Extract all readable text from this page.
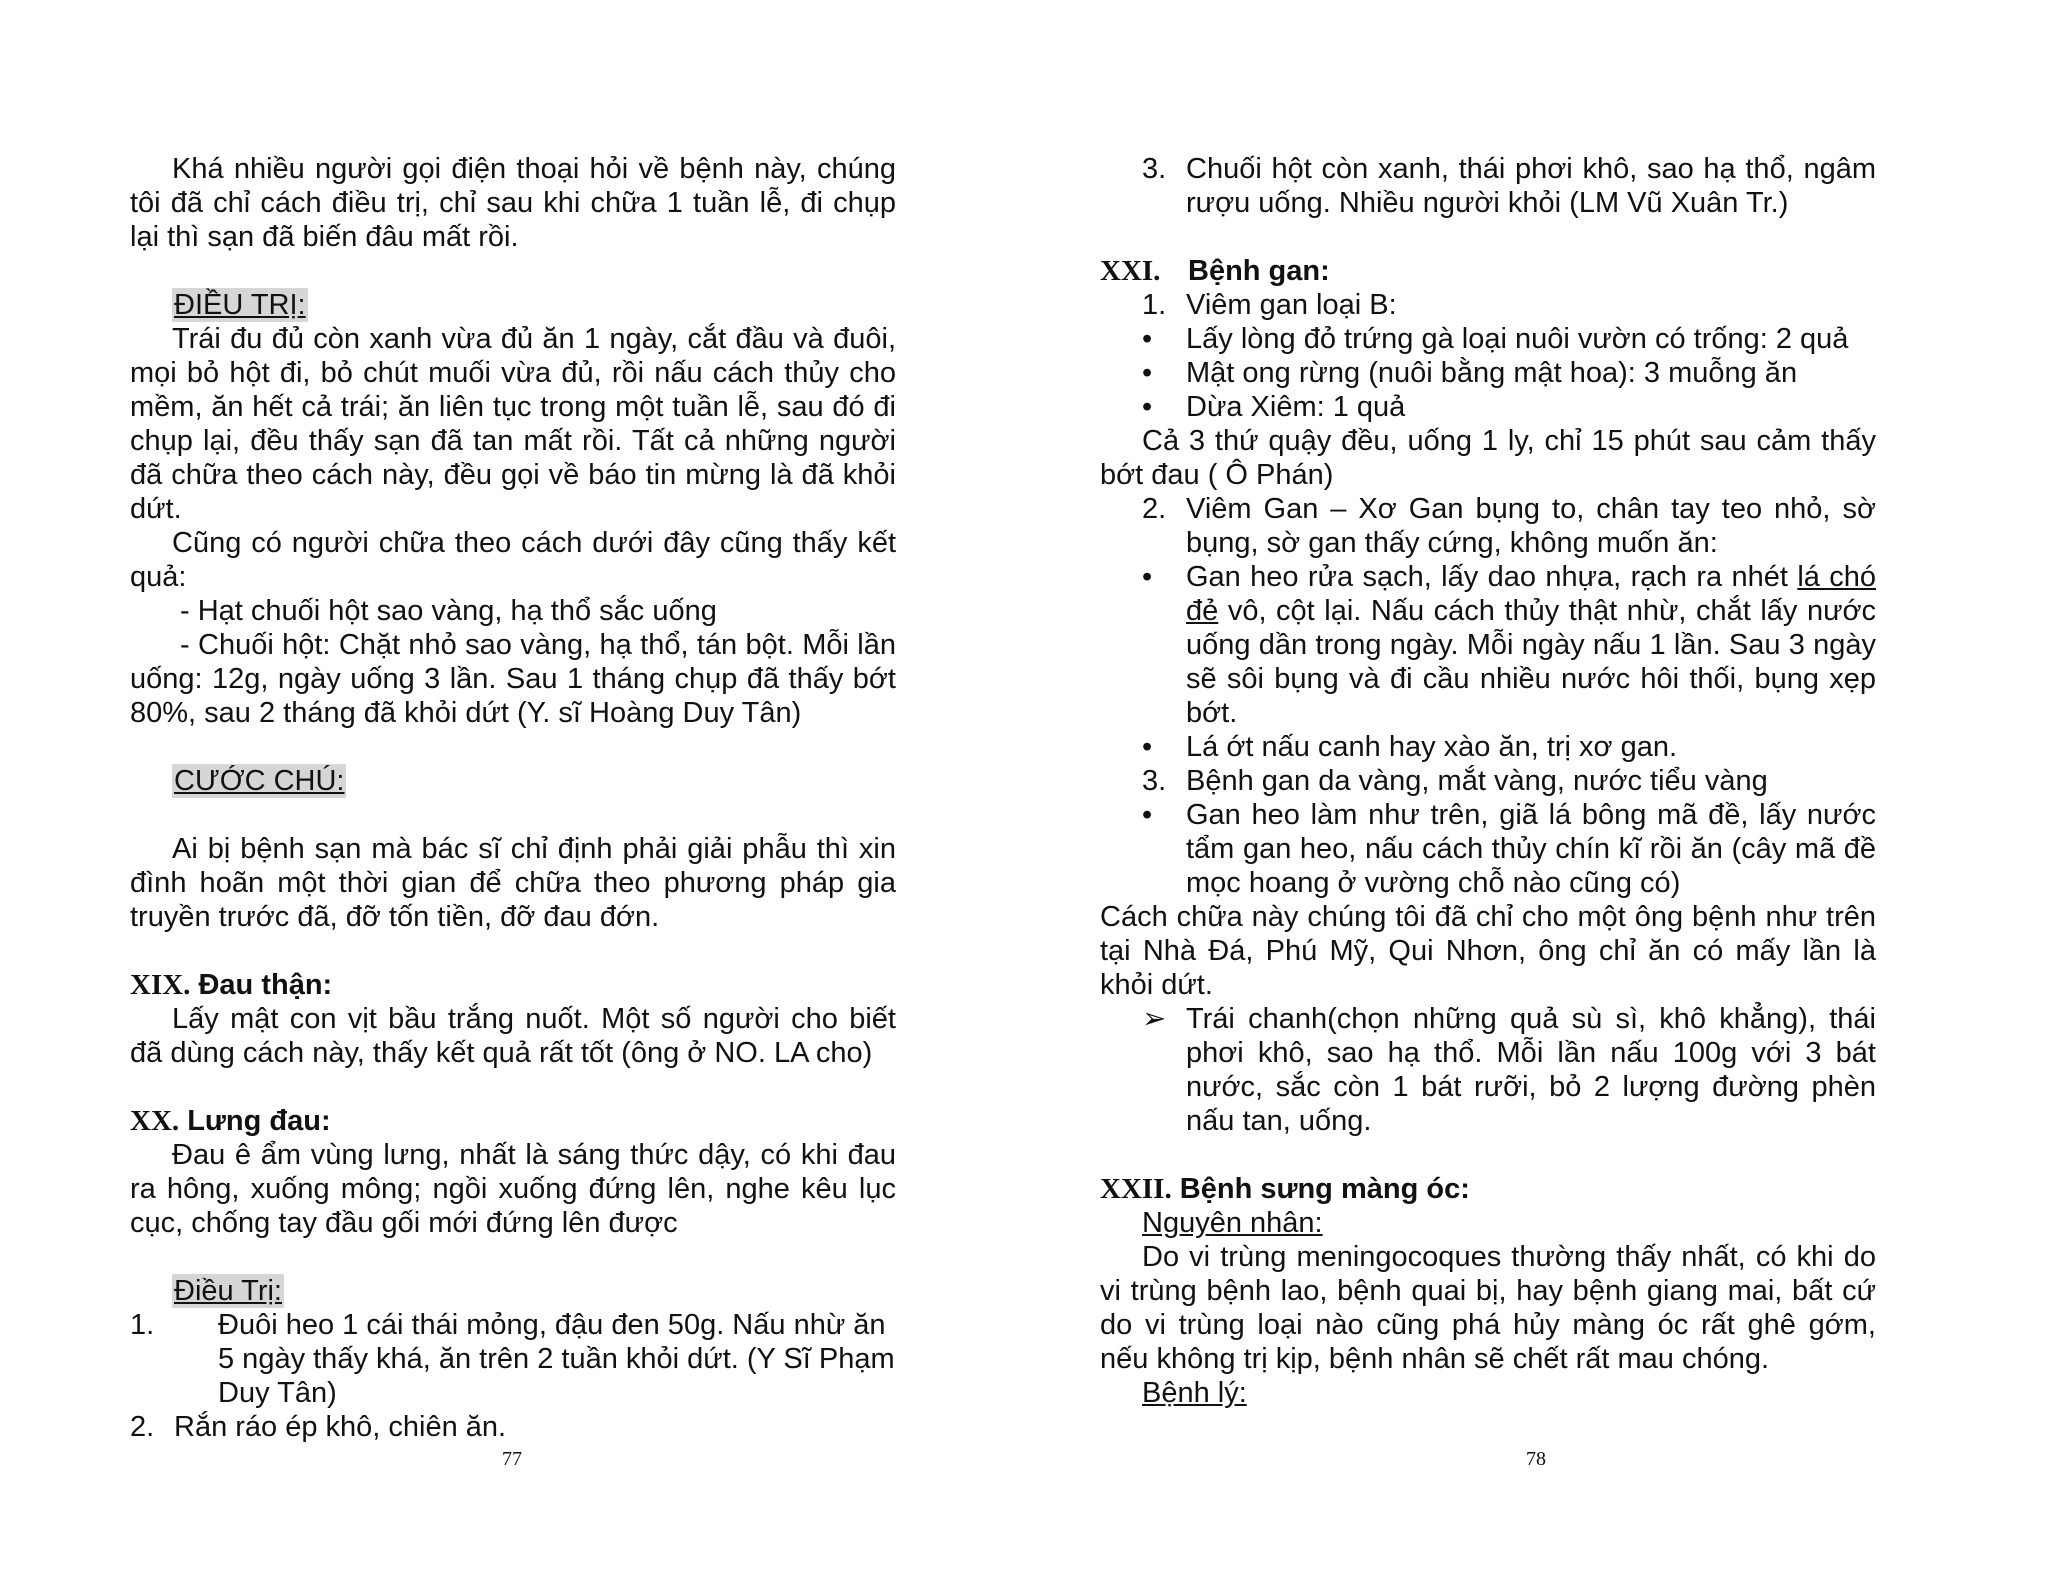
Khá nhiều người gọi điện thoại hỏi về bệnh này, chúng tôi đã chỉ cách điều trị, chỉ sau khi chữa 1 tuần lễ, đi chụp lại thì sạn đã biến đâu mất rồi.

ĐIỀU TRỊ:

Trái đu đủ còn xanh vừa đủ ăn 1 ngày, cắt đầu và đuôi, mọi bỏ hột đi, bỏ chút muối vừa đủ, rồi nấu cách thủy cho mềm, ăn hết cả trái; ăn liên tục trong một tuần lễ, sau đó đi chụp lại, đều thấy sạn đã tan mất rồi. Tất cả những người đã chữa theo cách này, đều gọi về báo tin mừng là đã khỏi dứt.

Cũng có người chữa theo cách dưới đây cũng thấy kết quả:

- Hạt chuối hột sao vàng, hạ thổ sắc uống

- Chuối hột: Chặt nhỏ sao vàng, hạ thổ, tán bột. Mỗi lần uống: 12g, ngày uống 3 lần. Sau 1 tháng chụp đã thấy bớt 80%, sau 2 tháng đã khỏi dứt (Y. sĩ Hoàng Duy Tân)

CƯỚC CHÚ:

Ai bị bệnh sạn mà bác sĩ chỉ định phải giải phẫu thì xin đình hoãn một thời gian để chữa theo phương pháp gia truyền trước đã, đỡ tốn tiền, đỡ đau đớn.

XIX. Đau thận:

Lấy mật con vịt bầu trắng nuốt. Một số người cho biết đã dùng cách này, thấy kết quả rất tốt (ông ở NO. LA cho)

XX. Lưng đau:

Đau ê ẩm vùng lưng, nhất là sáng thức dậy, có khi đau ra hông, xuống mông; ngồi xuống đứng lên, nghe kêu lục cục, chống tay đầu gối mới đứng lên được

Điều Trị:

1.	Đuôi heo 1 cái thái mỏng, đậu đen 50g. Nấu nhừ ăn 5 ngày thấy khá, ăn trên 2 tuần khỏi dứt. (Y Sĩ Phạm Duy Tân)
2. Rắn ráo ép khô, chiên ăn.
77
3. Chuối hột còn xanh, thái phơi khô, sao hạ thổ, ngâm rượu uống. Nhiều người khỏi (LM Vũ Xuân Tr.)

XXI. Bệnh gan:

1. Viêm gan loại B:
•	Lấy lòng đỏ trứng gà loại nuôi vườn có trống: 2 quả
•	Mật ong rừng (nuôi bằng mật hoa): 3 muỗng ăn
•	Dừa Xiêm: 1 quả

Cả 3 thứ quậy đều, uống 1 ly, chỉ 15 phút sau cảm thấy bớt đau ( Ô Phán)

2. Viêm Gan – Xơ Gan bụng to, chân tay teo nhỏ, sờ bụng, sờ gan thấy cứng, không muốn ăn:
•	Gan heo rửa sạch, lấy dao nhựa, rạch ra nhét lá chó đẻ vô, cột lại. Nấu cách thủy thật nhừ, chắt lấy nước uống dần trong ngày. Mỗi ngày nấu 1 lần. Sau 3 ngày sẽ sôi bụng và đi cầu nhiều nước hôi thối, bụng xẹp bớt.
•	Lá ớt nấu canh hay xào ăn, trị xơ gan.
3. Bệnh gan da vàng, mắt vàng, nước tiểu vàng
•	Gan heo làm như trên, giã lá bông mã đề, lấy nước tẩm gan heo, nấu cách thủy chín kĩ rồi ăn (cây mã đề mọc hoang ở vường chỗ nào cũng có)

Cách chữa này chúng tôi đã chỉ cho một ông bệnh như trên tại Nhà Đá, Phú Mỹ, Qui Nhơn, ông chỉ ăn có mấy lần là khỏi dứt.

➢ Trái chanh(chọn những quả sù sì, khô khẳng), thái phơi khô, sao hạ thổ. Mỗi lần nấu 100g với 3 bát nước, sắc còn 1 bát rưỡi, bỏ 2 lượng đường phèn nấu tan, uống.

XXII. Bệnh sưng màng óc:

Nguyên nhân:

Do vi trùng meningocoques thường thấy nhất, có khi do vi trùng bệnh lao, bệnh quai bị, hay bệnh giang mai, bất cứ do vi trùng loại nào cũng phá hủy màng óc rất ghê gớm, nếu không trị kịp, bệnh nhân sẽ chết rất mau chóng.

Bệnh lý:

78
